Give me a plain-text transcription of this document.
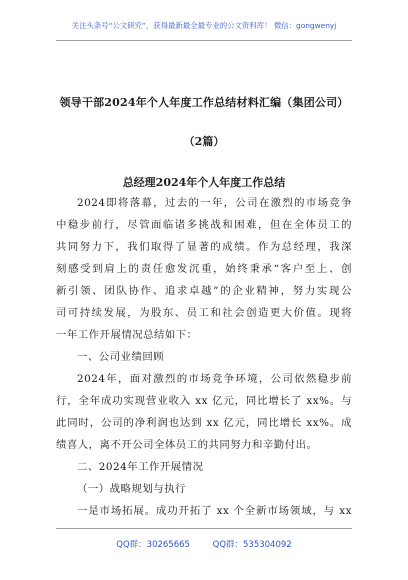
关注头条号“公文研究”，获得最新最全最专业的公文资料库！ 微信：gongwenyj
领导干部2024年个人年度工作总结材料汇编（集团公司）
（2篇）
总经理2024年个人年度工作总结
2024即将落幕，过去的一年，公司在激烈的市场竞争
中稳步前行，尽管面临诸多挑战和困难，但在全体员工的
共同努力下，我们取得了显著的成绩。作为总经理，我深
刻感受到肩上的责任愈发沉重，始终秉承“客户至上、创
新引领、团队协作、追求卓越”的企业精神，努力实现公
司可持续发展，为股东、员工和社会创造更大价值。现将
一年工作开展情况总结如下：
一、公司业绩回顾
2024年，面对激烈的市场竞争环境，公司依然稳步前
行，全年成功实现营业收入 xx 亿元，同比增长了 xx%。与
此同时，公司的净利润也达到 xx 亿元，同比增长 xx%。成
绩喜人，离不开公司全体员工的共同努力和辛勤付出。
二、2024年工作开展情况
（一）战略规划与执行
一是市场拓展。成功开拓了 xx 个全新市场领域，与 xx
QQ群：30265665	QQ群：535304092
